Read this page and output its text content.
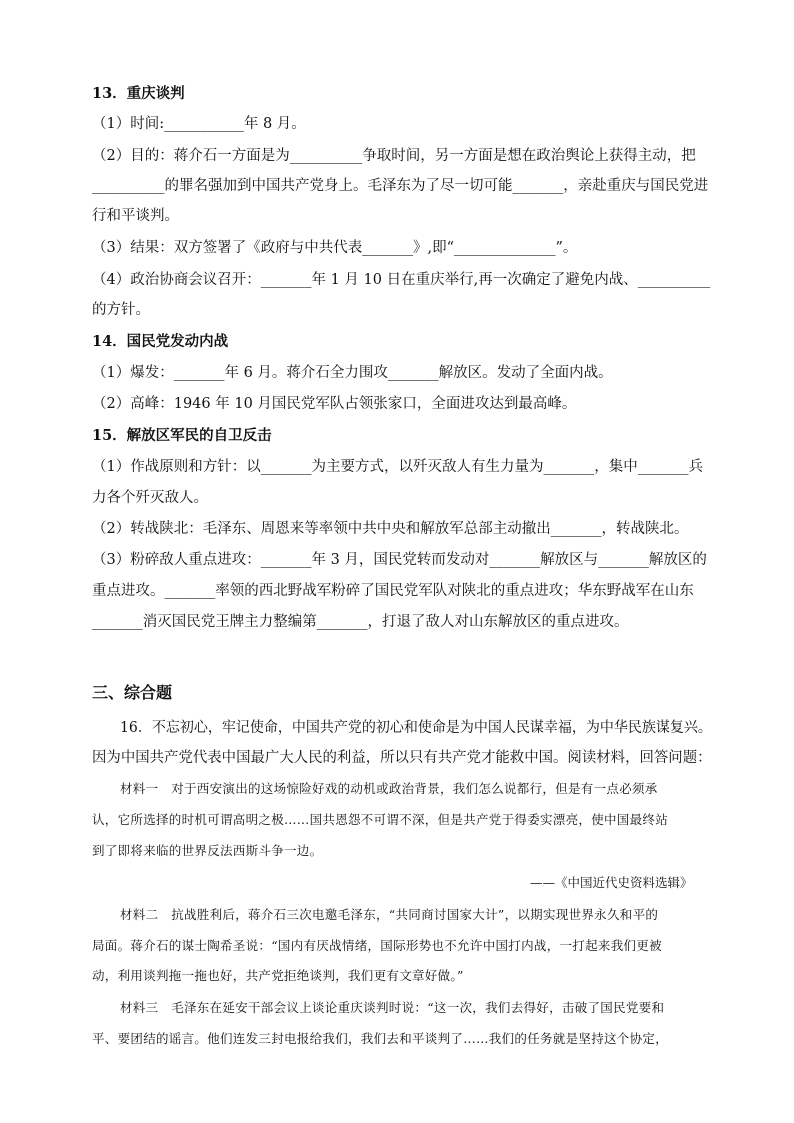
13．重庆谈判
（1）时间:___________年 8 月。
（2）目的：蒋介石一方面是为__________争取时间，另一方面是想在政治舆论上获得主动，把
__________的罪名强加到中国共产党身上。毛泽东为了尽一切可能_______，亲赴重庆与国民党进
行和平谈判。
（3）结果：双方签署了《政府与中共代表_______》,即“______________”。
（4）政治协商会议召开：_______年 1 月 10 日在重庆举行,再一次确定了避免内战、__________
的方针。
14．国民党发动内战
（1）爆发：_______年 6 月。蒋介石全力围攻_______解放区。发动了全面内战。
（2）高峰：1946 年 10 月国民党军队占领张家口，全面进攻达到最高峰。
15．解放区军民的自卫反击
（1）作战原则和方针：以_______为主要方式，以歼灭敌人有生力量为_______，集中_______兵
力各个歼灭敌人。
（2）转战陕北：毛泽东、周恩来等率领中共中央和解放军总部主动撤出_______，转战陕北。
（3）粉碎敌人重点进攻：_______年 3 月，国民党转而发动对_______解放区与_______解放区的
重点进攻。_______率领的西北野战军粉碎了国民党军队对陕北的重点进攻；华东野战军在山东
_______消灭国民党王牌主力整编第_______，打退了敌人对山东解放区的重点进攻。
三、综合题
16．不忘初心，牢记使命，中国共产党的初心和使命是为中国人民谋幸福，为中华民族谋复兴。
因为中国共产党代表中国最广大人民的利益，所以只有共产党才能救中国。阅读材料，回答问题：
材料一　对于西安演出的这场惊险好戏的动机或政治背景，我们怎么说都行，但是有一点必须承
认，它所选择的时机可谓高明之极……国共恩怨不可谓不深，但是共产党于得委实漂亮，使中国最终站
到了即将来临的世界反法西斯斗争一边。
——《中国近代史资料选辑》
材料二　抗战胜利后，蒋介石三次电邀毛泽东，“共同商讨国家大计”，以期实现世界永久和平的
局面。蒋介石的谋士陶希圣说：“国内有厌战情绪，国际形势也不允许中国打内战，一打起来我们更被
动，利用谈判拖一拖也好，共产党拒绝谈判，我们更有文章好做。”
材料三　毛泽东在延安干部会议上谈论重庆谈判时说：“这一次，我们去得好，击破了国民党要和
平、要团结的谣言。他们连发三封电报给我们，我们去和平谈判了……我们的任务就是坚持这个协定，
